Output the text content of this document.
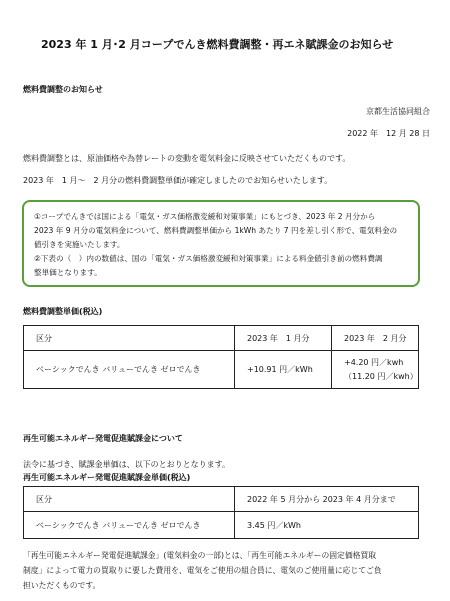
2023 年 1 月･2 月コープでんき燃料費調整・再エネ賦課金のお知らせ
燃料費調整のお知らせ
京都生活協同組合
2022 年　12 月 28 日
燃料費調整とは、原油価格や為替レートの変動を電気料金に反映させていただくものです。
2023 年　1 月～　2 月分の燃料費調整単価が確定しましたのでお知らせいたします。

①コープでんきでは国による「電気・ガス価格激変緩和対策事業」にもとづき、2023 年 2 月分から

2023 年 9 月分の電気料金について、燃料費調整単価から 1kWh あたり 7 円を差し引く形で、電気料金の

値引きを実施いたします。

②下表の（　）内の数値は、国の「電気・ガス価格激変緩和対策事業」による料金値引き前の燃料費調

整単価となります。

燃料費調整単価(税込)
区分	2023 年　1 月分	2023 年　2 月分
ベーシックでんき バリューでんき ゼロでんき	+10.91 円／kWh	+4.20 円／kwh
（11.20 円／kwh）
再生可能エネルギー発電促進賦課金について
法令に基づき、賦課金単価は、以下のとおりとなります。
再生可能エネルギー発電促進賦課金単価(税込)
区分	2022 年 5 月分から 2023 年 4 月分まで
ベーシックでんき バリューでんき ゼロでんき	3.45 円／kWh

「再生可能エネルギー発電促進賦課金」(電気料金の一部)とは、「再生可能エネルギーの固定価格買取

制度」によって電力の買取りに要した費用を、電気をご使用の組合員に、電気のご使用量に応じてご負

担いただくものです。
